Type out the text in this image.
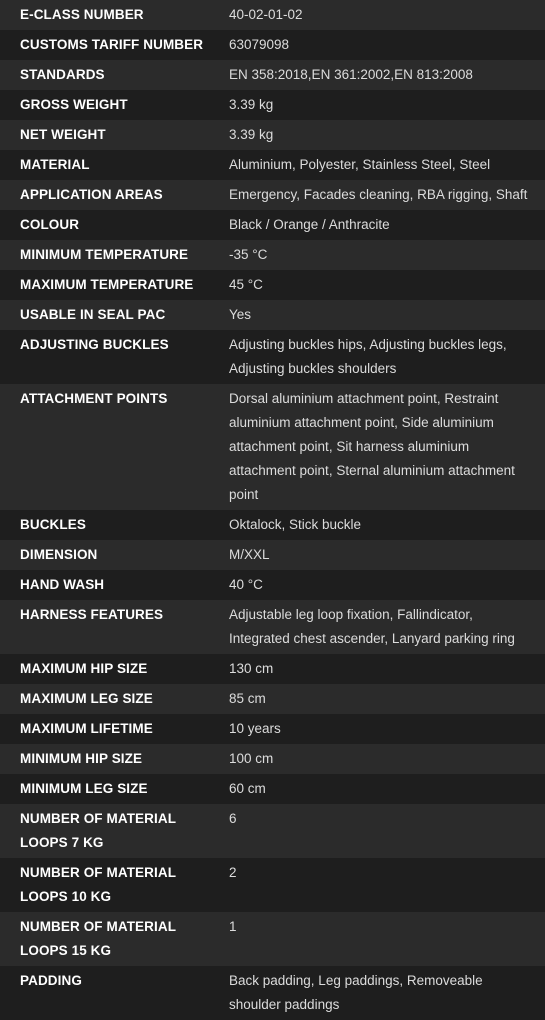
E-CLASS NUMBER	40-02-01-02
CUSTOMS TARIFF NUMBER	63079098
STANDARDS	EN 358:2018,EN 361:2002,EN 813:2008
GROSS WEIGHT	3.39 kg
NET WEIGHT	3.39 kg
MATERIAL	Aluminium, Polyester, Stainless Steel, Steel
APPLICATION AREAS	Emergency, Facades cleaning, RBA rigging, Shaft
COLOUR	Black / Orange / Anthracite
MINIMUM TEMPERATURE	-35 °C
MAXIMUM TEMPERATURE	45 °C
USABLE IN SEAL PAC	Yes
ADJUSTING BUCKLES	Adjusting buckles hips, Adjusting buckles legs, Adjusting buckles shoulders
ATTACHMENT POINTS	Dorsal aluminium attachment point, Restraint aluminium attachment point, Side aluminium attachment point, Sit harness aluminium attachment point, Sternal aluminium attachment point
BUCKLES	Oktalock, Stick buckle
DIMENSION	M/XXL
HAND WASH	40 °C
HARNESS FEATURES	Adjustable leg loop fixation, Fallindicator, Integrated chest ascender, Lanyard parking ring
MAXIMUM HIP SIZE	130 cm
MAXIMUM LEG SIZE	85 cm
MAXIMUM LIFETIME	10 years
MINIMUM HIP SIZE	100 cm
MINIMUM LEG SIZE	60 cm
NUMBER OF MATERIAL LOOPS 7 KG	6
NUMBER OF MATERIAL LOOPS 10 KG	2
NUMBER OF MATERIAL LOOPS 15 KG	1
PADDING	Back padding, Leg paddings, Removeable shoulder paddings
